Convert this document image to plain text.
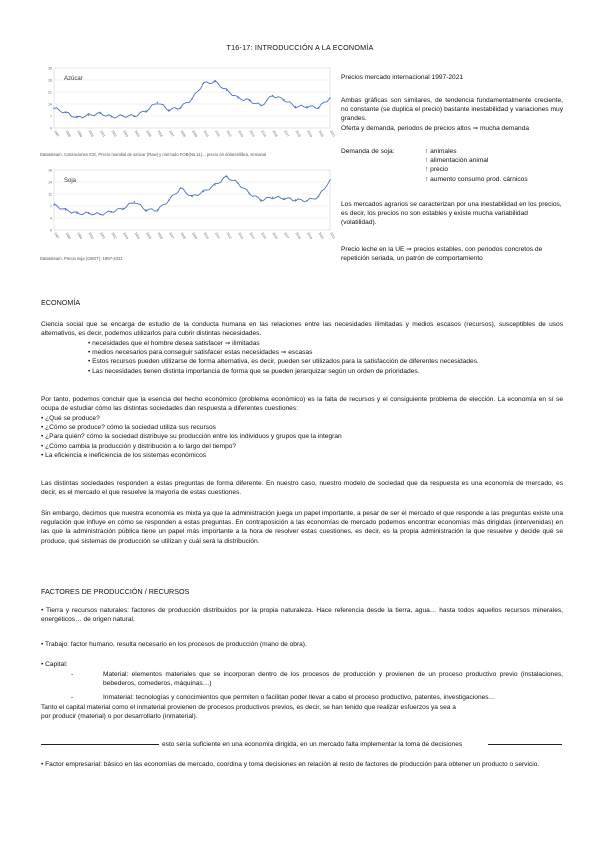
T16-17: INTRODUCCIÓN A LA ECONOMÍA
0
7
14
21
28
35
1997 1998 1999 2000 2001 2002 2003 2004 2005 2006 2007 2008 2009 2010 2011 2012 2013 2014 2015 2016 2017 2018 2019 2020 2021
Azúcar
Datastream, Cotizaciones ICE, Precio mundial de azúcar (Raw) y mercado FOB(No.11)... precio en dólares/libra, semanal
0
4
7
11
14
18
1997 1998 1999 2000 2001 2002 2003 2004 2005 2006 2007 2008 2009 2010 2011 2012 2013 2014 2015 2016 2017 2018 2019 2020 2021
Soja
Datastream, Precio soja (CBOT), 1997-2021
Precios mercado internacional 1997-2021
Ambas gráficas son similares, de tendencia fundamentalmente creciente, no constante (se duplica el precio) bastante inestabilidad y variaciones muy grandes.
Oferta y demanda, periodos de precios altos ⇒ mucha demanda
Demanda de soja:	↑ animales
↑ alimentación animal
↑ precio
↑ aumento consumo prod. cárnicos
Los mercados agrarios se caracterizan por una inestabilidad en los precios, es decir, los precios no son estables y existe mucha variabilidad (volatilidad).
Precio leche en la UE ⇒ precios estables, con periodos concretos de repetición seriada, un patrón de comportamiento
ECONOMÍA
Ciencia social que se encarga de estudio de la conducta humana en las relaciones entre las necesidades ilimitadas y medios escasos (recursos), susceptibles de usos alternativos, es decir, podemos utilizarlos para cubrir distintas necesidades.
• necesidades que el hombre desea satisfacer ⇒ ilimitadas
• medios necesarios para conseguir satisfacer estas necesidades ⇒ escasas
• Estos recursos pueden utilizarse de forma alternativa, es decir, pueden ser utilizados para la satisfacción de diferentes necesidades.
• Las necesidades tienen distinta importancia de forma que se pueden jerarquizar según un orden de prioridades.
Por tanto, podemos concluir que la esencia del hecho económico (problema económico) es la falta de recursos y el consiguiente problema de elección. La economía en sí se ocupa de estudiar cómo las distintas sociedades dan respuesta a diferentes cuestiones:
• ¿Qué se produce?
• ¿Cómo se produce? cómo la sociedad utiliza sus recursos
• ¿Para quién? cómo la sociedad distribuye su producción entre los individuos y grupos que la integran
• ¿Cómo cambia la producción y distribución a lo largo del tiempo?
• La eficiencia e ineficiencia de los sistemas económicos
Las distintas sociedades responden a estas preguntas de forma diferente. En nuestro caso, nuestro modelo de sociedad que da respuesta es una economía de mercado, es decir, es el mercado el que resuelve la mayoría de estas cuestiones.
Sin embargo, decimos que nuestra economía es mixta ya que la administración juega un papel importante, a pesar de ser el mercado el que responde a las preguntas existe una regulación que influye en cómo se responden a estas preguntas. En contraposición a las economías de mercado podemos encontrar economías más dirigidas (intervenidas) en las que la administración pública tiene un papel más importante a la hora de resolver estas cuestiones, es decir, es la propia administración la que resuelve y decide qué se produce, qué sistemas de producción se utilizan y cuál será la distribución.
FACTORES DE PRODUCCIÓN / RECURSOS
• Tierra y recursos naturales: factores de producción distribuidos por la propia naturaleza. Hace referencia desde la tierra, agua… hasta todos aquellos recursos minerales, energéticos… de origen natural.
• Trabajo: factor humano, resulta necesario en los procesos de producción (mano de obra).
• Capital:
-	Material: elementos materiales que se incorporan dentro de los procesos de producción y provienen de un proceso productivo previo (instalaciones, bebederos, comederos, máquinas…)
-	Inmaterial: tecnologías y conocimientos que permiten o facilitan poder llevar a cabo el proceso productivo, patentes, investigaciones…
Tanto el capital material como el inmaterial provienen de procesos productivos previos, es decir, se han tenido que realizar esfuerzos ya sea a por producir (material) o por desarrollarlo (inmaterial).
esto sería suficiente en una economía dirigida, en un mercado falta implementar la toma de decisiones
• Factor empresarial: básico en las economías de mercado, coordina y toma decisiones en relación al resto de factores de producción para obtener un producto o servicio.
